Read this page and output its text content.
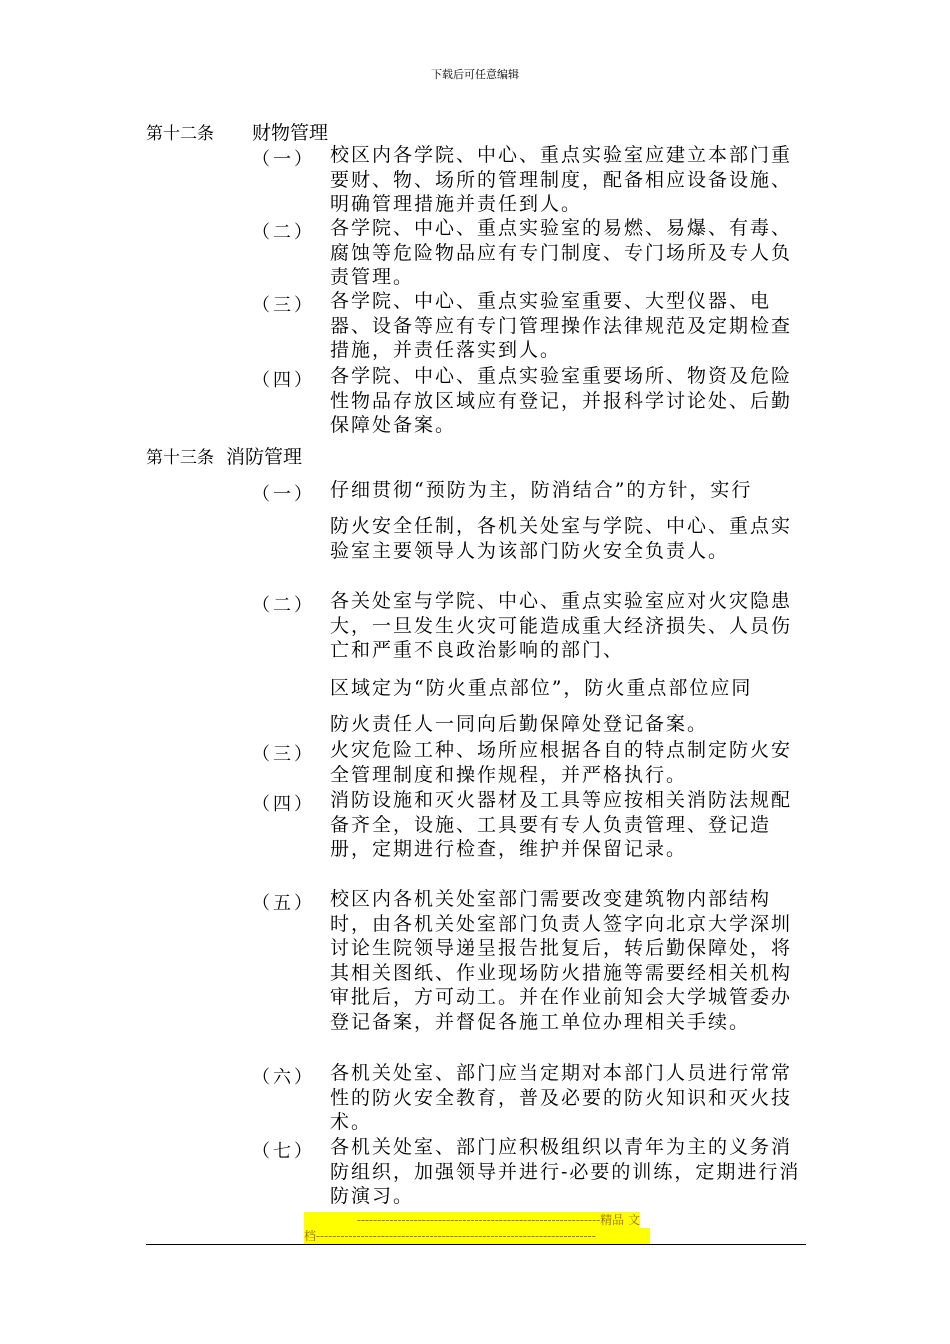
下载后可任意编辑
第十二条 财物管理
（一） 校区内各学院、中心、重点实验室应建立本部门重要财、物、场所的管理制度，配备相应设备设施、明确管理措施并责任到人。
（二） 各学院、中心、重点实验室的易燃、易爆、有毒、腐蚀等危险物品应有专门制度、专门场所及专人负责管理。
（三） 各学院、中心、重点实验室重要、大型仪器、电器、设备等应有专门管理操作法律规范及定期检查措施，并责任落实到人。
（四） 各学院、中心、重点实验室重要场所、物资及危险性物品存放区域应有登记，并报科学讨论处、后勤保障处备案。
第十三条 消防管理
（一） 仔细贯彻“预防为主，防消结合”的方针，实行
防火安全任制，各机关处室与学院、中心、重点实验室主要领导人为该部门防火安全负责人。
（二） 各关处室与学院、中心、重点实验室应对火灾隐患大，一旦发生火灾可能造成重大经济损失、人员伤亡和严重不良政治影响的部门、
区域定为“防火重点部位”，防火重点部位应同
防火责任人一同向后勤保障处登记备案。
（三） 火灾危险工种、场所应根据各自的特点制定防火安全管理制度和操作规程，并严格执行。
（四） 消防设施和灭火器材及工具等应按相关消防法规配备齐全，设施、工具要有专人负责管理、登记造册，定期进行检查，维护并保留记录。
（五） 校区内各机关处室部门需要改变建筑物内部结构时，由各机关处室部门负责人签字向北京大学深圳讨论生院领导递呈报告批复后，转后勤保障处，将其相关图纸、作业现场防火措施等需要经相关机构审批后，方可动工。并在作业前知会大学城管委办登记备案，并督促各施工单位办理相关手续。
（六） 各机关处室、部门应当定期对本部门人员进行常常性的防火安全教育，普及必要的防火知识和灭火技术。
（七） 各机关处室、部门应积极组织以青年为主的义务消防组织，加强领导并进行-必要的训练，定期进行消防演习。
------------------------------------------------------------精品 文
档---------------------------------------------------------------------
